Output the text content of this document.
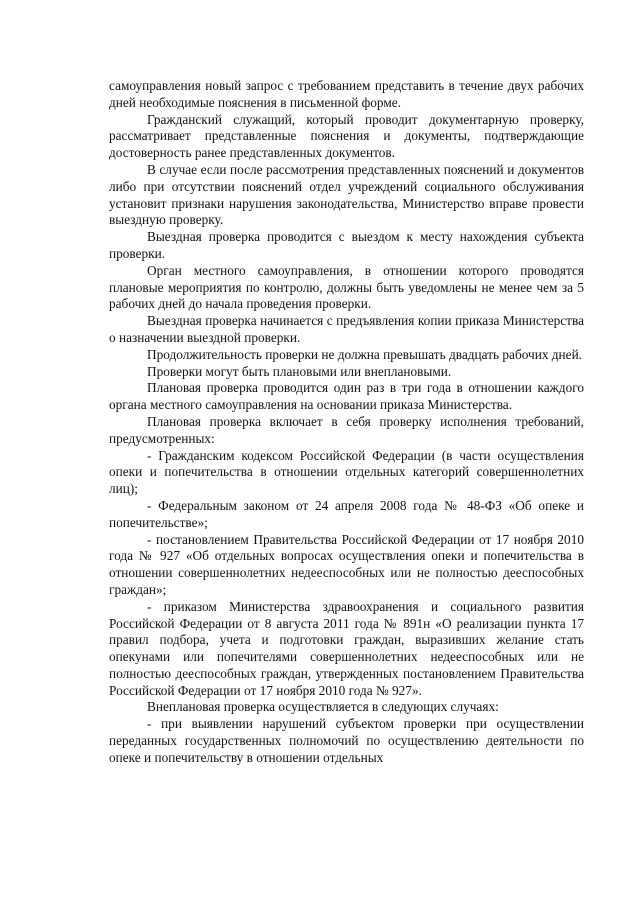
самоуправления новый запрос с требованием представить в течение двух рабочих дней необходимые пояснения в письменной форме.

Гражданский служащий, который проводит документарную проверку, рассматривает представленные пояснения и документы, подтверждающие достоверность ранее представленных документов.

В случае если после рассмотрения представленных пояснений и документов либо при отсутствии пояснений отдел учреждений социального обслуживания установит признаки нарушения законодательства, Министерство вправе провести выездную проверку.

Выездная проверка проводится с выездом к месту нахождения субъекта проверки.

Орган местного самоуправления, в отношении которого проводятся плановые мероприятия по контролю, должны быть уведомлены не менее чем за 5 рабочих дней до начала проведения проверки.

Выездная проверка начинается с предъявления копии приказа Министерства о назначении выездной проверки.

Продолжительность проверки не должна превышать двадцать рабочих дней.

Проверки могут быть плановыми или внеплановыми.

Плановая проверка проводится один раз в три года в отношении каждого органа местного самоуправления на основании приказа Министерства.

Плановая проверка включает в себя проверку исполнения требований, предусмотренных:

- Гражданским кодексом Российской Федерации (в части осуществления опеки и попечительства в отношении отдельных категорий совершеннолетних лиц);

- Федеральным законом от 24 апреля 2008 года № 48-ФЗ «Об опеке и попечительстве»;

- постановлением Правительства Российской Федерации от 17 ноября 2010 года № 927 «Об отдельных вопросах осуществления опеки и попечительства в отношении совершеннолетних недееспособных или не полностью дееспособных граждан»;

- приказом Министерства здравоохранения и социального развития Российской Федерации от 8 августа 2011 года № 891н «О реализации пункта 17 правил подбора, учета и подготовки граждан, выразивших желание стать опекунами или попечителями совершеннолетних недееспособных или не полностью дееспособных граждан, утвержденных постановлением Правительства Российской Федерации от 17 ноября 2010 года № 927».

Внеплановая проверка осуществляется в следующих случаях:

- при выявлении нарушений субъектом проверки при осуществлении переданных государственных полномочий по осуществлению деятельности по опеке и попечительству в отношении отдельных
